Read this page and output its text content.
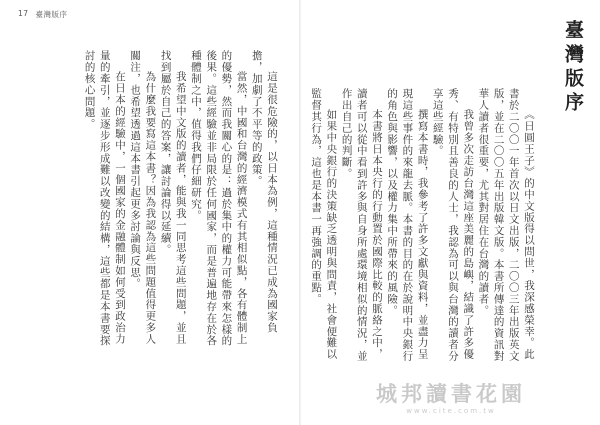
17 臺灣版序

這是很危險的，以日本為例，這種情況已成為國家負擔，加劇了不平等的政策。

當然，中國和台灣的經濟模式有其相似點，各有體制上的優勢，然而我關心的是：過於集中的權力可能帶來怎樣的後果。這些經驗並非局限於任何國家，而是普遍地存在於各種體制之中，值得我們仔細研究。

我希望中文版的讀者，能與我一同思考這些問題，並且找到屬於自己的答案，讓討論得以延續。

為什麼我要寫這本書？因為我認為這些問題值得更多人關注，也希望透過這本書引起更多討論與反思。

在日本的經驗中，一個國家的金融體制如何受到政治力量的牽引，並逐步形成難以改變的結構，這些都是本書要探討的核心問題。	臺灣版序

《日圓王子》的中文版得以問世，我深感榮幸。此書於二〇〇一年首次以日文出版，二〇〇三年出版英文版，並在二〇〇五年出版韓文版。本書所傳達的資訊對華人讀者很重要，尤其對居住在台灣的讀者。

我曾多次走訪台灣這座美麗的島嶼，結識了許多優秀、有特別且善良的人士，我認為可以與台灣的讀者分享這些經驗。

撰寫本書時，我參考了許多文獻與資料，並盡力呈現這些事件的來龍去脈。本書的目的在於說明中央銀行的角色與影響，以及權力集中所帶來的風險。

本書將日本央行的行動置於國際比較的脈絡之中，讀者可以從中看到許多與自身所處環境相似的情況，並作出自己的判斷。

如果中央銀行的決策缺乏透明與問責，社會便難以監督其行為，這也是本書一再強調的重點。

城邦讀書花園
www.cite.com.tw
